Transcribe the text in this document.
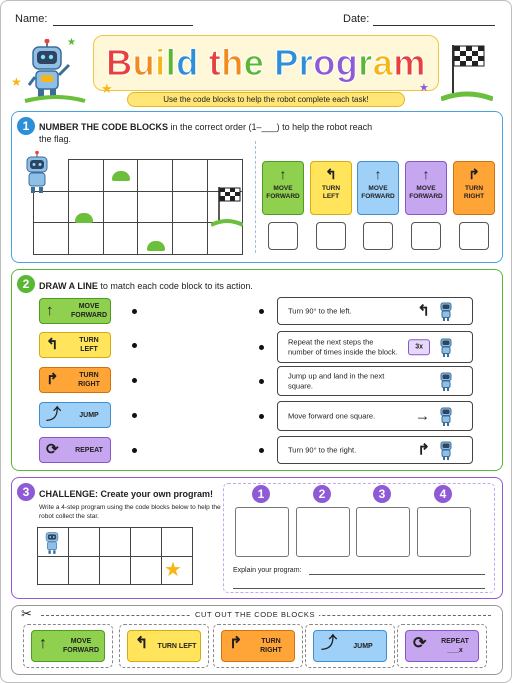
Name:	Date:
★
★ Build the Program
Use the code blocks to help the robot complete each task!
★	★
1	NUMBER THE CODE BLOCKS in the correct order (1–___) to help the robot reach the flag.

↑
MOVE FORWARD
↰
TURN LEFT
↑
MOVE FORWARD
↑
MOVE FORWARD
↱
TURN RIGHT
2	DRAW A LINE to match each code block to its action.
↑	MOVE FORWARD
↰	TURN LEFT
↱	TURN RIGHT
⤴	JUMP
⟳	REPEAT
Turn 90° to the left.	↰
Repeat the next steps the number of times inside the block.
3x
Jump up and land in the next square.
Move forward one square.	→
Turn 90° to the right.	↱
3	CHALLENGE: Create your own program!
Write a 4-step program using the code blocks below to help the robot collect the star.

★
1	2	3	4
Explain your program:
✂	CUT OUT THE CODE BLOCKS
↑	MOVE FORWARD ↰ TURN LEFT ↱	TURN RIGHT	⤴	JUMP	⟳	REPEAT ___x
